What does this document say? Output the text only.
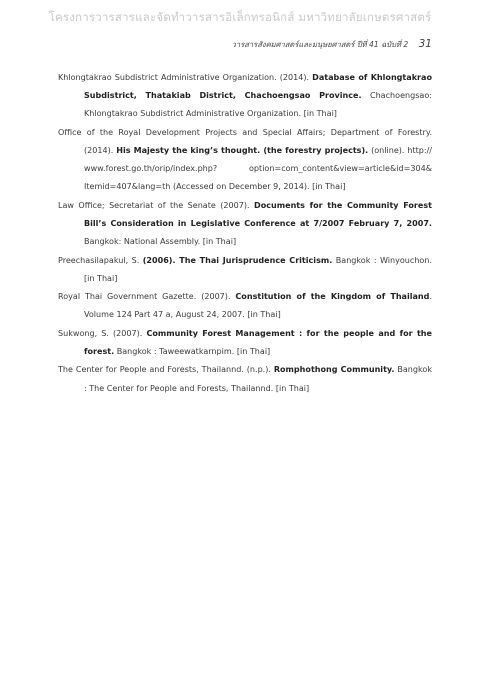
โครงการวารสารและจัดทำวารสารอิเล็กทรอนิกส์ มหาวิทยาลัยเกษตรศาสตร์
วารสารสังคมศาสตร์และมนุษยศาสตร์ ปีที่ 41 ฉบับที่ 2 31

Khlongtakrao Subdistrict Administrative Organization. (2014). Database of Khlongtakrao Subdistrict, Thatakiab District, Chachoengsao Province. Chachoengsao: Khlongtakrao Subdistrict Administrative Organization. [in Thai]

Office of the Royal Development Projects and Special Affairs; Department of Forestry. (2014). His Majesty the king’s thought. (the forestry projects). (online). http:// www.forest.go.th/orip/index.php? option=com_content&view=article&id=304& Itemid=407&lang=th (Accessed on December 9, 2014). [in Thai]

Law Office; Secretariat of the Senate (2007). Documents for the Community Forest Bill’s Consideration in Legislative Conference at 7/2007 February 7, 2007. Bangkok: National Assembly. [in Thai]

Preechasilapakul, S. (2006). The Thai Jurisprudence Criticism. Bangkok : Winyouchon. [in Thai]

Royal Thai Government Gazette. (2007). Constitution of the Kingdom of Thailand. Volume 124 Part 47 a, August 24, 2007. [in Thai]

Sukwong, S. (2007). Community Forest Management : for the people and for the forest. Bangkok : Taweewatkarnpim. [in Thai]

The Center for People and Forests, Thailannd. (n.p.). Romphothong Community. Bangkok : The Center for People and Forests, Thailannd. [in Thai]
